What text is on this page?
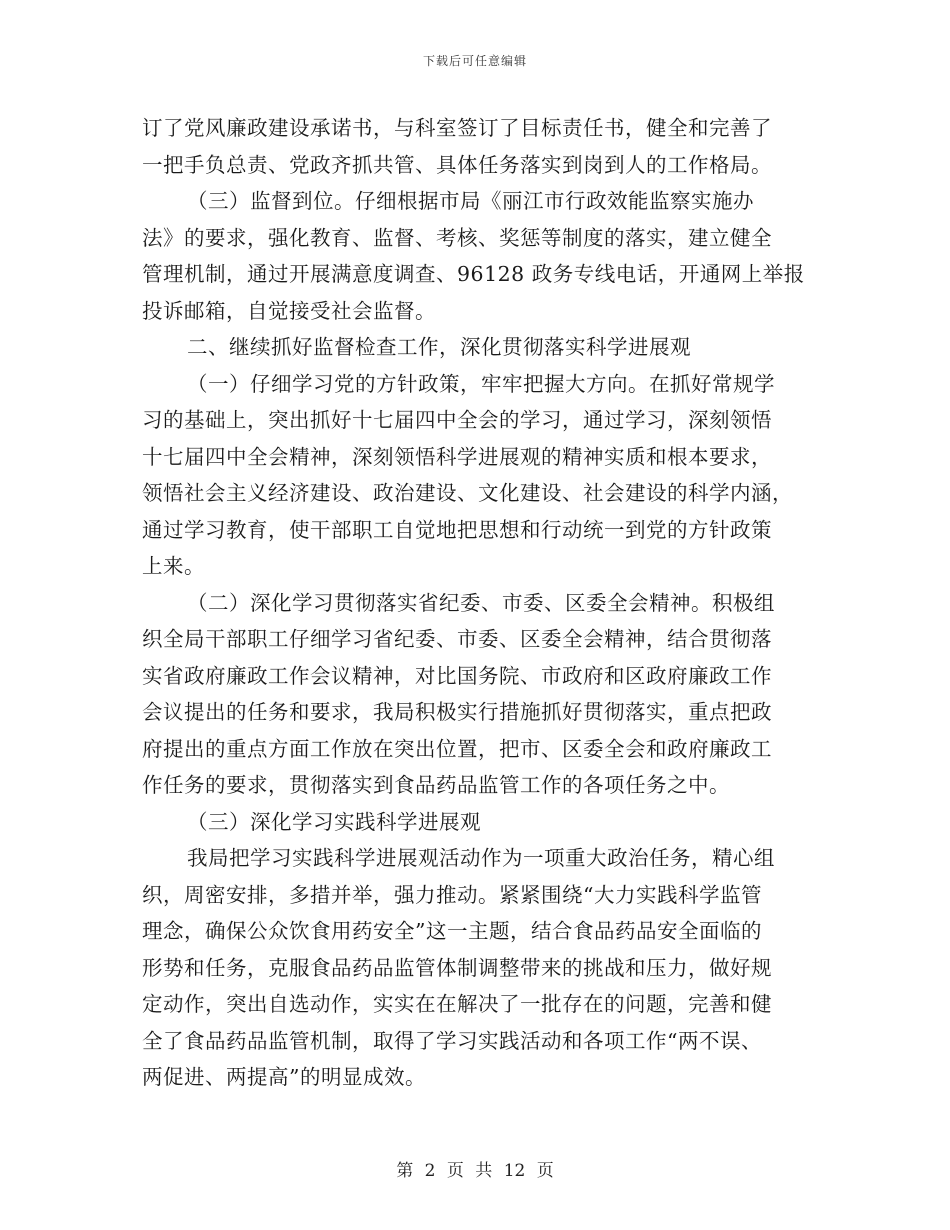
下载后可任意编辑
订了党风廉政建设承诺书，与科室签订了目标责任书，健全和完善了
一把手负总责、党政齐抓共管、具体任务落实到岗到人的工作格局。
（三）监督到位。仔细根据市局《丽江市行政效能监察实施办
法》的要求，强化教育、监督、考核、奖惩等制度的落实，建立健全
管理机制，通过开展满意度调查、96128 政务专线电话，开通网上举报
投诉邮箱，自觉接受社会监督。
二、继续抓好监督检查工作，深化贯彻落实科学进展观
（一）仔细学习党的方针政策，牢牢把握大方向。在抓好常规学
习的基础上，突出抓好十七届四中全会的学习，通过学习，深刻领悟
十七届四中全会精神，深刻领悟科学进展观的精神实质和根本要求，
领悟社会主义经济建设、政治建设、文化建设、社会建设的科学内涵，
通过学习教育，使干部职工自觉地把思想和行动统一到党的方针政策
上来。
（二）深化学习贯彻落实省纪委、市委、区委全会精神。积极组
织全局干部职工仔细学习省纪委、市委、区委全会精神，结合贯彻落
实省政府廉政工作会议精神，对比国务院、市政府和区政府廉政工作
会议提出的任务和要求，我局积极实行措施抓好贯彻落实，重点把政
府提出的重点方面工作放在突出位置，把市、区委全会和政府廉政工
作任务的要求，贯彻落实到食品药品监管工作的各项任务之中。
（三）深化学习实践科学进展观
我局把学习实践科学进展观活动作为一项重大政治任务，精心组
织，周密安排，多措并举，强力推动。紧紧围绕“大力实践科学监管
理念，确保公众饮食用药安全”这一主题，结合食品药品安全面临的
形势和任务，克服食品药品监管体制调整带来的挑战和压力，做好规
定动作，突出自选动作，实实在在解决了一批存在的问题，完善和健
全了食品药品监管机制，取得了学习实践活动和各项工作“两不误、
两促进、两提高”的明显成效。
第 2 页 共 12 页
